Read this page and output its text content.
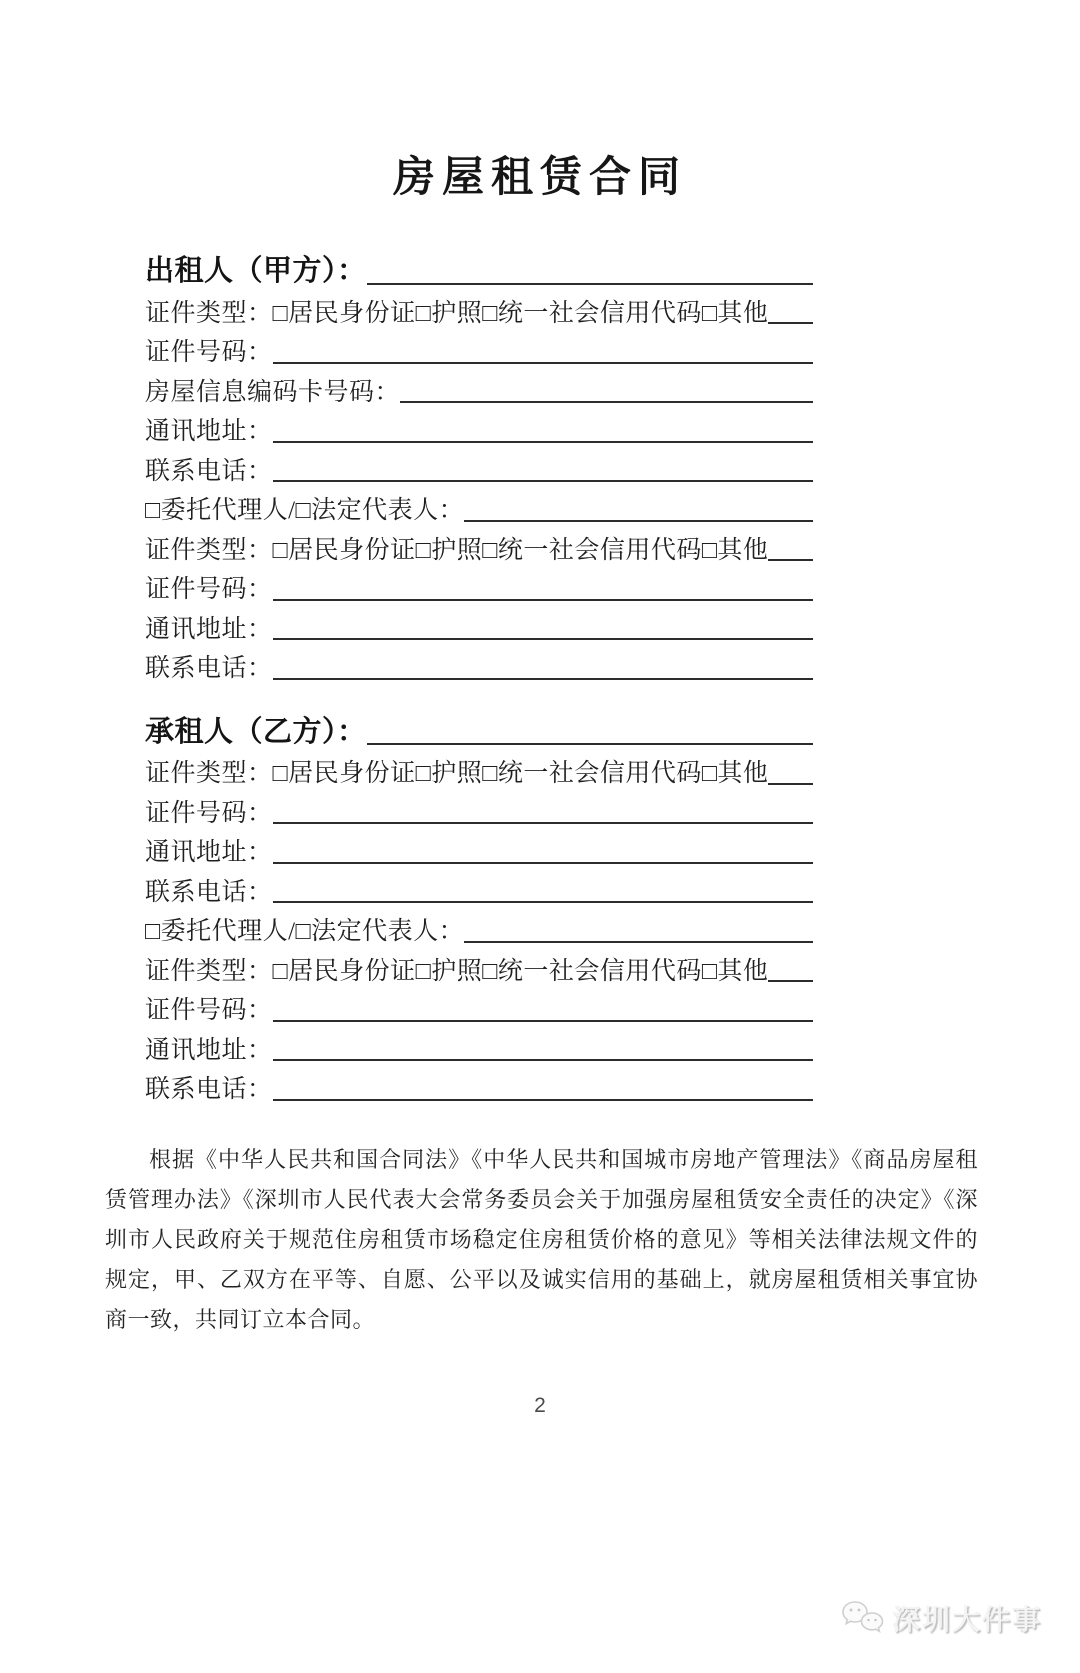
房屋租赁合同
出租人（甲方）：
证件类型： □居民身份证□护照□统一社会信用代码□其他
证件号码：
房屋信息编码卡号码：
通讯地址：
联系电话：
□委托代理人/□法定代表人：
证件类型： □居民身份证□护照□统一社会信用代码□其他
证件号码：
通讯地址：
联系电话：
承租人（乙方）：
证件类型： □居民身份证□护照□统一社会信用代码□其他
证件号码：
通讯地址：
联系电话：
□委托代理人/□法定代表人：
证件类型： □居民身份证□护照□统一社会信用代码□其他
证件号码：
通讯地址：
联系电话：

根据《中华人民共和国合同法》《中华人民共和国城市房地产管理法》《商品房屋租赁管理办法》《深圳市人民代表大会常务委员会关于加强房屋租赁安全责任的决定》《深圳市人民政府关于规范住房租赁市场稳定住房租赁价格的意见》等相关法律法规文件的规定，甲、乙双方在平等、自愿、公平以及诚实信用的基础上，就房屋租赁相关事宜协商一致，共同订立本合同。

2
深圳大件事
